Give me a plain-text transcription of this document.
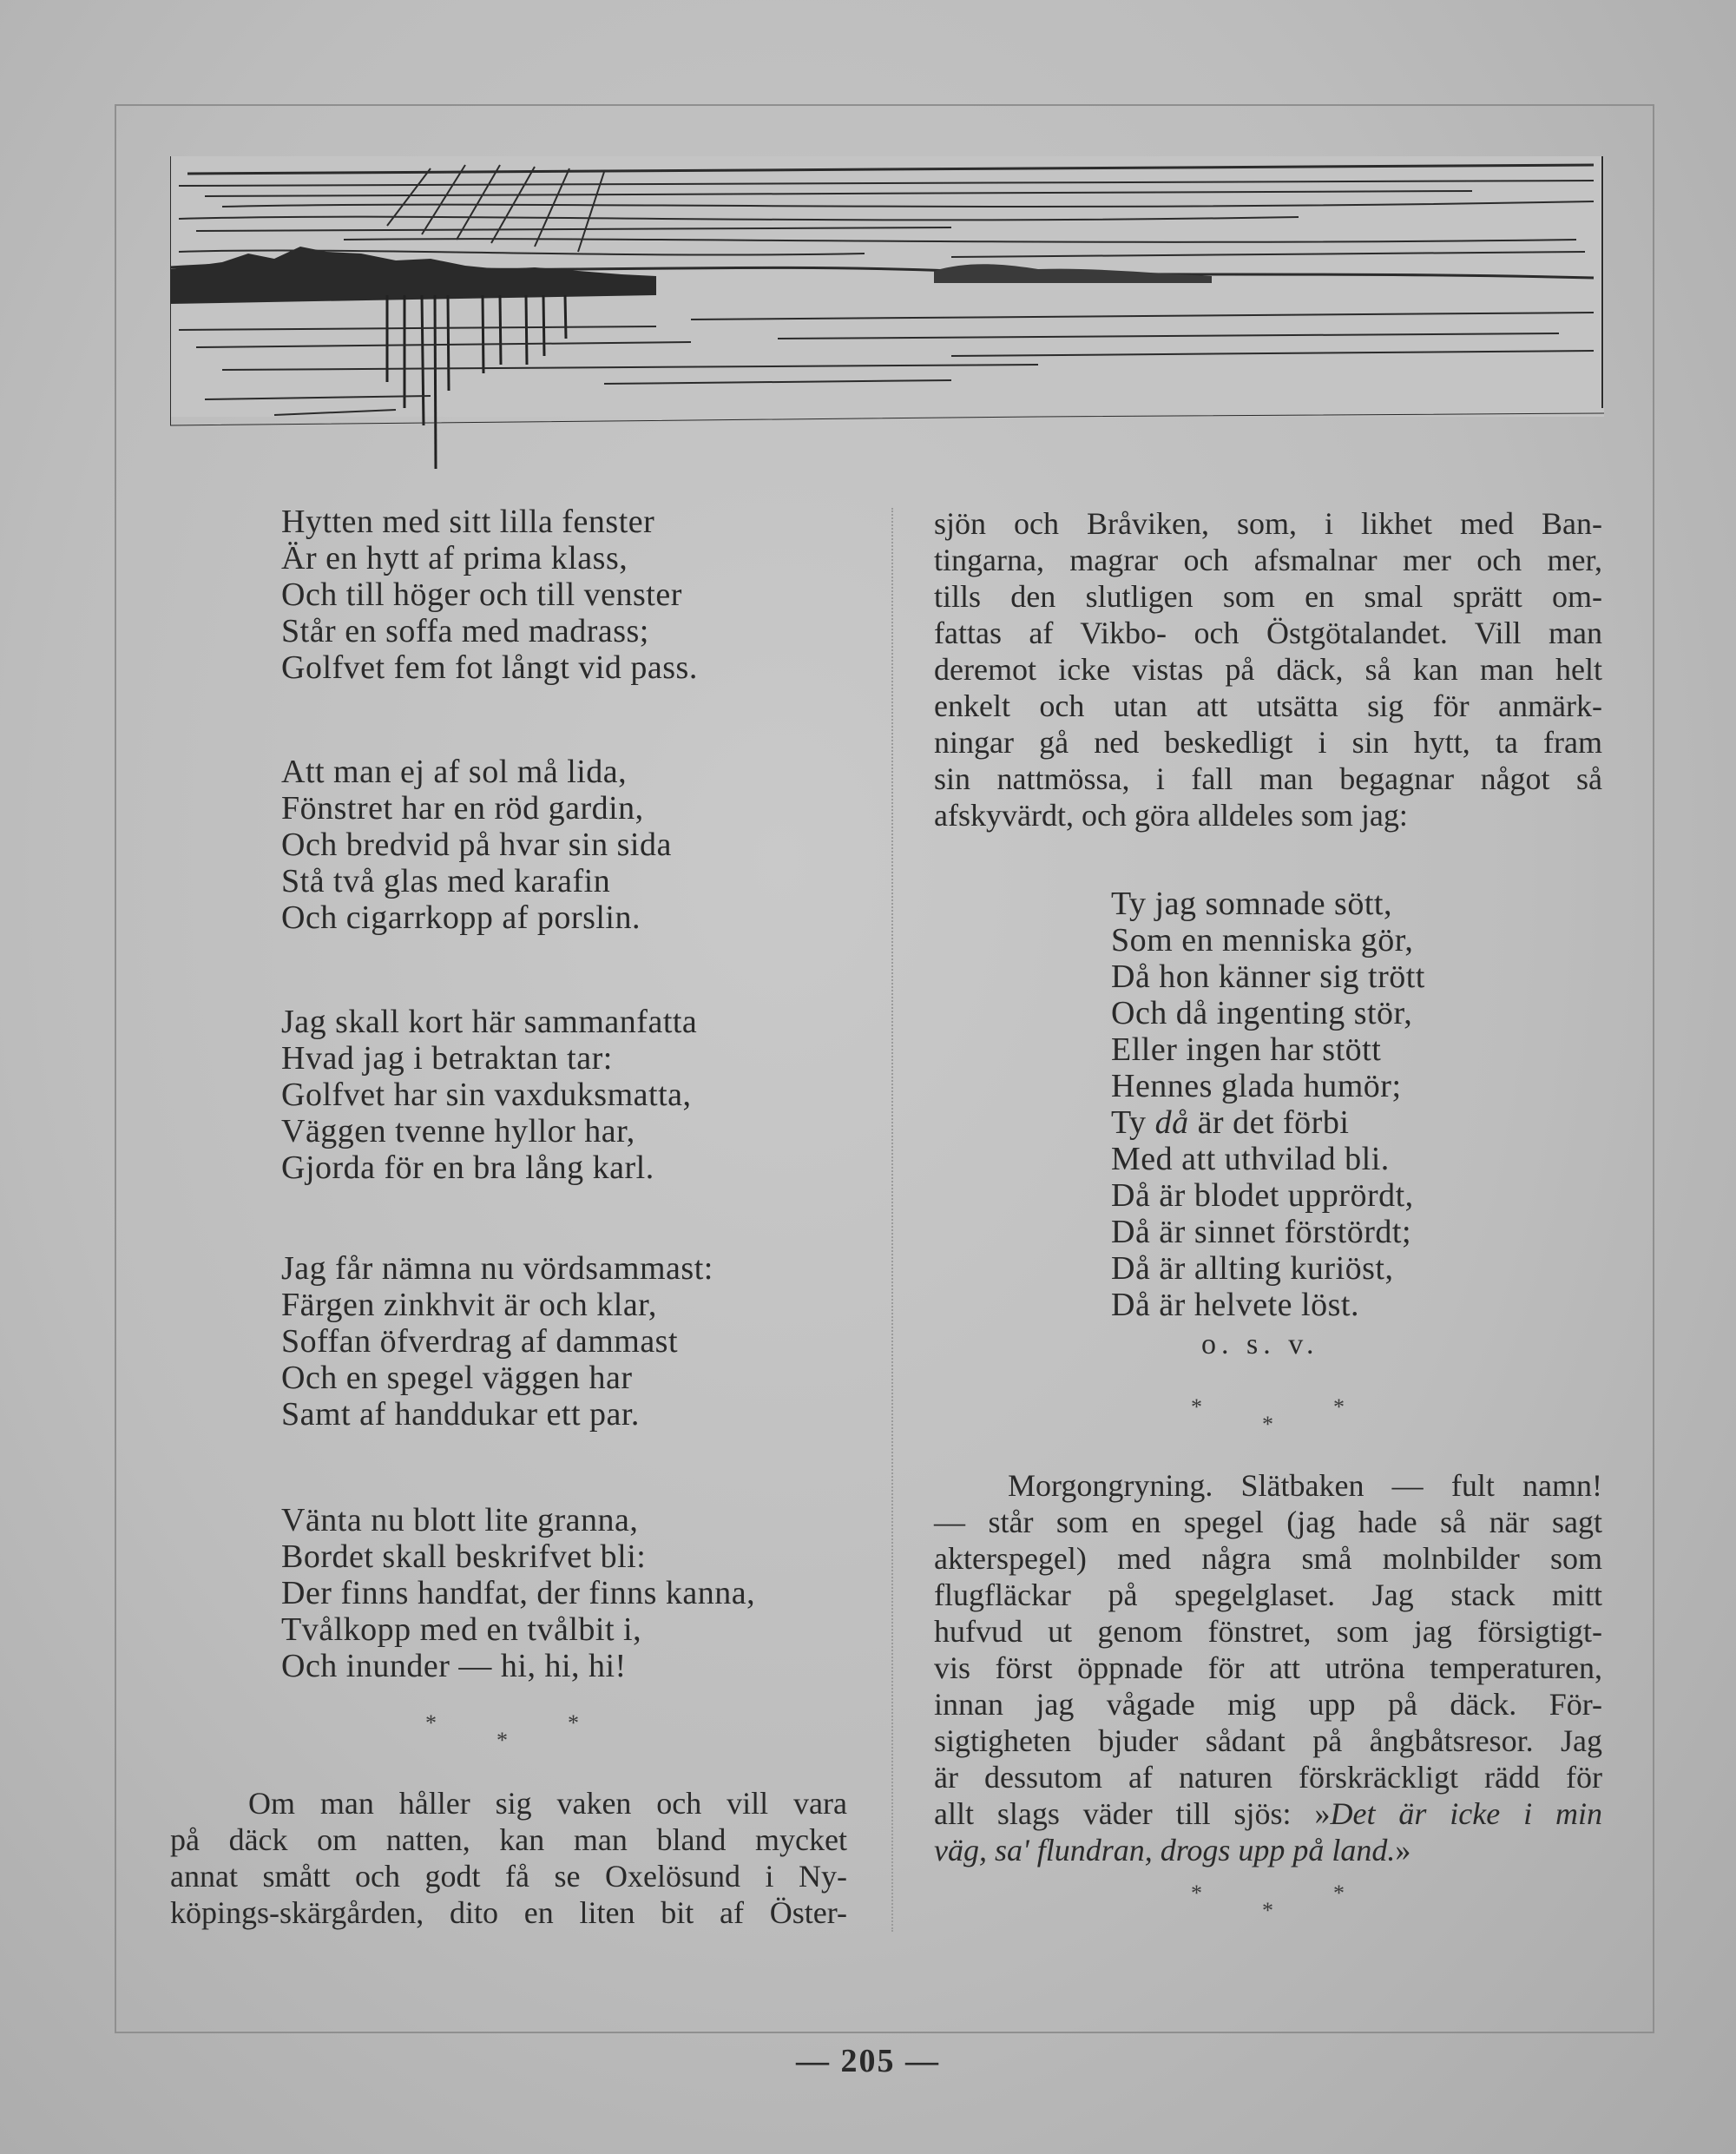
Hytten med sitt lilla fenster
Är en hytt af prima klass,
Och till höger och till venster
Står en soffa med madrass;
Golfvet fem fot långt vid pass.
Att man ej af sol må lida,
Fönstret har en röd gardin,
Och bredvid på hvar sin sida
Stå två glas med karafin
Och cigarrkopp af porslin.
Jag skall kort här sammanfatta
Hvad jag i betraktan tar:
Golfvet har sin vaxduksmatta,
Väggen tvenne hyllor har,
Gjorda för en bra lång karl.
Jag får nämna nu vördsammast:
Färgen zinkhvit är och klar,
Soffan öfverdrag af dammast
Och en spegel väggen har
Samt af handdukar ett par.
Vänta nu blott lite granna,
Bordet skall beskrifvet bli:
Der finns handfat, der finns kanna,
Tvålkopp med en tvålbit i,
Och inunder — hi, hi, hi!
*
*
*
Om man håller sig vaken och vill vara
på däck om natten, kan man bland mycket
annat smått och godt få se Oxelösund i Ny-
köpings-skärgården, dito en liten bit af Öster-
sjön och Bråviken, som, i likhet med Ban-
tingarna, magrar och afsmalnar mer och mer,
tills den slutligen som en smal sprätt om-
fattas af Vikbo- och Östgötalandet. Vill man
deremot icke vistas på däck, så kan man helt
enkelt och utan att utsätta sig för anmärk-
ningar gå ned beskedligt i sin hytt, ta fram
sin nattmössa, i fall man begagnar något så
afskyvärdt, och göra alldeles som jag:
Ty jag somnade sött,
Som en menniska gör,
Då hon känner sig trött
Och då ingenting stör,
Eller ingen har stött
Hennes glada humör;
Ty då är det förbi
Med att uthvilad bli.
Då är blodet upprördt,
Då är sinnet förstördt;
Då är allting kuriöst,
Då är helvete löst.
o. s. v.
*
*
*
Morgongryning. Slätbaken — fult namn!
— står som en spegel (jag hade så när sagt
akterspegel) med några små molnbilder som
flugfläckar på spegelglaset. Jag stack mitt
hufvud ut genom fönstret, som jag försigtigt-
vis först öppnade för att utröna temperaturen,
innan jag vågade mig upp på däck. För-
sigtigheten bjuder sådant på ångbåtsresor. Jag
är dessutom af naturen förskräckligt rädd för
allt slags väder till sjös: »Det är icke i min
väg, sa' flundran, drogs upp på land.»
*
*
*
— 205 —
